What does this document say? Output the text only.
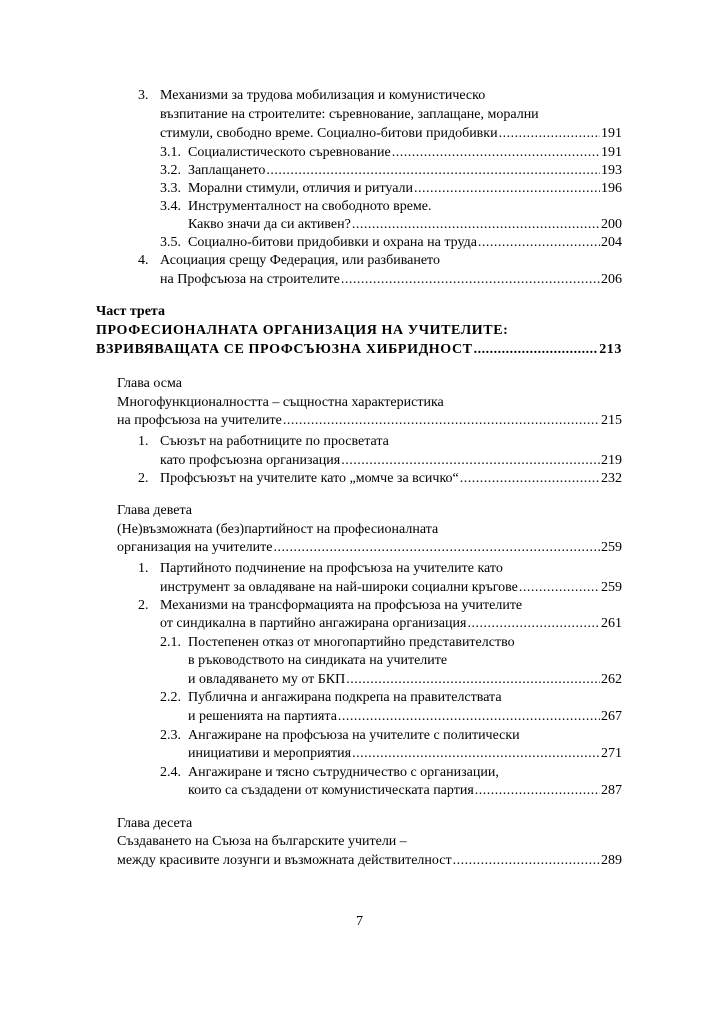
3. Механизми за трудова мобилизация и комунистическо
възпитание на строителите: съревнование, заплащане, морални
стимули, свободно време. Социално-битови придобивки .....	191
3.1. Социалистическото съревнование .....	191
3.2. Заплащането .....	193
3.3. Морални стимули, отличия и ритуали .....	196
3.4. Инструменталност на свободното време.
Какво значи да си активен? .....	200
3.5. Социално-битови придобивки и охрана на труда .....	204
4. Асоциация срещу Федерация, или разбиването
на Профсъюза на строителите .....	206
Част трета
ПРОФЕСИОНАЛНАТА ОРГАНИЗАЦИЯ НА УЧИТЕЛИТЕ:
ВЗРИВЯВАЩАТА СЕ ПРОФСЪЮЗНА ХИБРИДНОСТ .....	213
Глава осма
Многофункционалността – същностна характеристика
на профсъюза на учителите .....	215
1. Съюзът на работниците по просветата
като профсъюзна организация .....	219
2. Профсъюзът на учителите като „момче за всичко“ .....	232
Глава девета
(Не)възможната (без)партийност на професионалната
организация на учителите .....	259
1. Партийното подчинение на профсъюза на учителите като
инструмент за овладяване на най-широки социални кръгове .....	259
2. Механизми на трансформацията на профсъюза на учителите
от синдикална в партийно ангажирана организация .....	261
2.1. Постепенен отказ от многопартийно представителство
в ръководството на синдиката на учителите
и овладяването му от БКП .....	262
2.2. Публична и ангажирана подкрепа на правителствата
и решенията на партията .....	267
2.3. Ангажиране на профсъюза на учителите с политически
инициативи и мероприятия .....	271
2.4. Ангажиране и тясно сътрудничество с организации,
които са създадени от комунистическата партия .....	287
Глава десета
Създаването на Съюза на българските учители –
между красивите лозунги и възможната действителност .....	289
7
